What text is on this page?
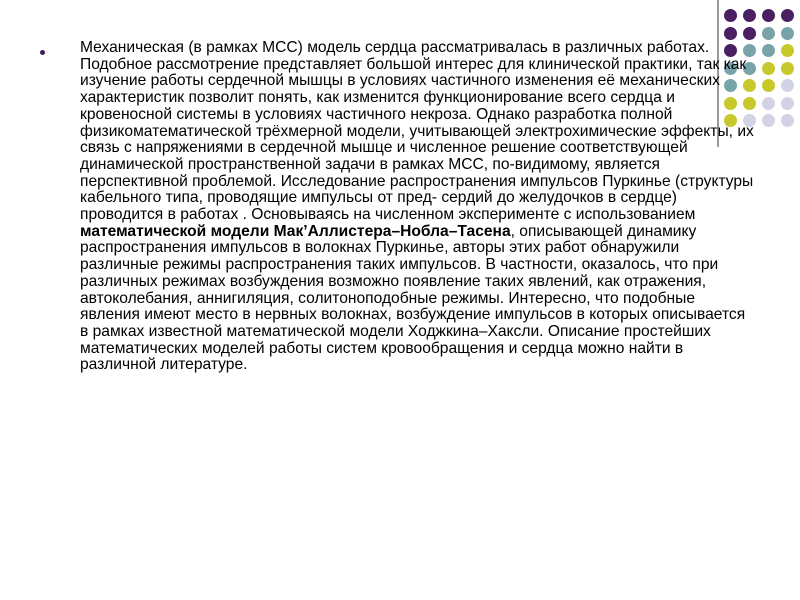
Механическая (в рамках МСС) модель сердца рассматривалась в различных работах. Подобное рассмотрение представляет большой интерес для клинической практики, так как изучение работы сердечной мышцы в условиях частичного изменения её механических характеристик позволит понять, как изменится функционирование всего сердца и кровеносной системы в условиях частичного некроза. Однако разработка полной физикоматематической трёхмерной модели, учитывающей электрохимические эффекты, их связь с напряжениями в сердечной мышце и численное решение соответствующей динамической пространственной задачи в рамках МСС, по-видимому, является перспективной проблемой. Исследование распространения импульсов Пуркинье (структуры кабельного типа, проводящие импульсы от пред- сердий до желудочков в сердце) проводится в работах . Основываясь на численном эксперименте с использованием математической модели Мак’Аллистера–Нобла–Тасена, описывающей динамику распространения импульсов в волокнах Пуркинье, авторы этих работ обнаружили различные режимы распространения таких импульсов. В частности, оказалось, что при различных режимах возбуждения возможно появление таких явлений, как отражения, автоколебания, аннигиляция, солитоноподобные режимы. Интересно, что подобные явления имеют место в нервных волокнах, возбуждение импульсов в которых описывается в рамках известной математической модели Ходжкина–Хаксли. Описание простейших математических моделей работы систем кровообращения и сердца можно найти в различной литературе.
